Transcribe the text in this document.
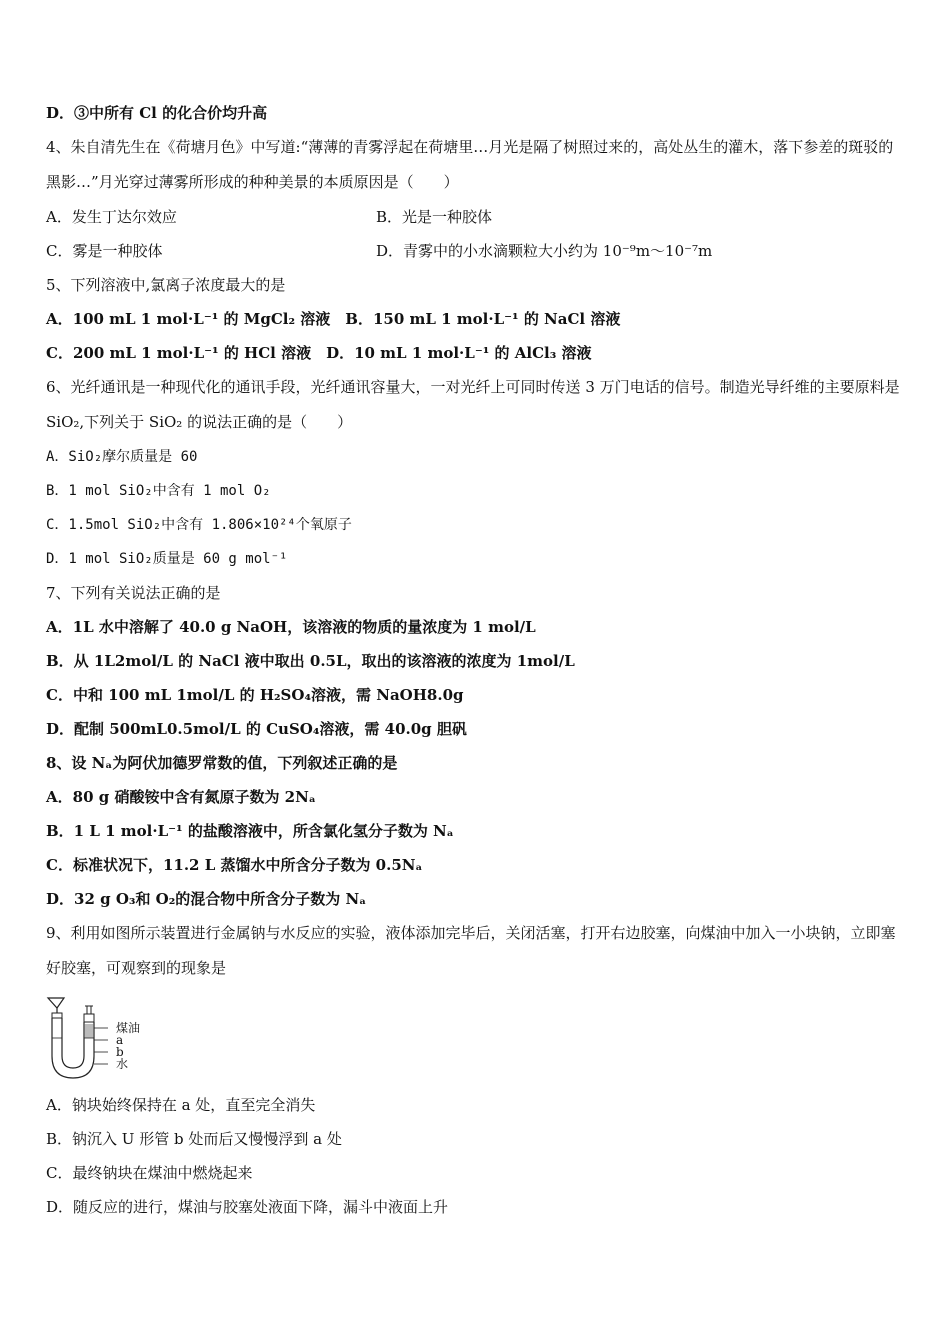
D．③中所有 Cl 的化合价均升高
4、朱自清先生在《荷塘月色》中写道:“薄薄的青雾浮起在荷塘里…月光是隔了树照过来的，高处丛生的灌木，落下参差的斑驳的黑影…”月光穿过薄雾所形成的种种美景的本质原因是（　　）
A．发生丁达尔效应	B．光是一种胶体
C．雾是一种胶体	D．青雾中的小水滴颗粒大小约为 10⁻⁹m～10⁻⁷m
5、下列溶液中,氯离子浓度最大的是
A．100 mL 1 mol·L⁻¹ 的 MgCl₂ 溶液　B．150 mL 1 mol·L⁻¹ 的 NaCl 溶液
C．200 mL 1 mol·L⁻¹ 的 HCl 溶液　D．10 mL 1 mol·L⁻¹ 的 AlCl₃ 溶液
6、光纤通讯是一种现代化的通讯手段，光纤通讯容量大，一对光纤上可同时传送 3 万门电话的信号。制造光导纤维的主要原料是 SiO₂,下列关于 SiO₂ 的说法正确的是（　　）
A．SiO₂摩尔质量是 60
B．1 mol SiO₂中含有 1 mol O₂
C．1.5mol SiO₂中含有 1.806×10²⁴个氧原子
D．1 mol SiO₂质量是 60 g mol⁻¹
7、下列有关说法正确的是
A．1L 水中溶解了 40.0 g NaOH，该溶液的物质的量浓度为 1 mol/L
B．从 1L2mol/L 的 NaCl 液中取出 0.5L，取出的该溶液的浓度为 1mol/L
C．中和 100 mL 1mol/L 的 H₂SO₄溶液，需 NaOH8.0g
D．配制 500mL0.5mol/L 的 CuSO₄溶液，需 40.0g 胆矾
8、设 Nₐ为阿伏加德罗常数的值，下列叙述正确的是
A．80 g 硝酸铵中含有氮原子数为 2Nₐ
B．1 L 1 mol·L⁻¹ 的盐酸溶液中，所含氯化氢分子数为 Nₐ
C．标准状况下，11.2 L 蒸馏水中所含分子数为 0.5Nₐ
D．32 g O₃和 O₂的混合物中所含分子数为 Nₐ
9、利用如图所示装置进行金属钠与水反应的实验，液体添加完毕后，关闭活塞，打开右边胶塞，向煤油中加入一小块钠，立即塞好胶塞，可观察到的现象是
煤油
a
b
水
A．钠块始终保持在 a 处，直至完全消失
B．钠沉入 U 形管 b 处而后又慢慢浮到 a 处
C．最终钠块在煤油中燃烧起来
D．随反应的进行，煤油与胶塞处液面下降，漏斗中液面上升
